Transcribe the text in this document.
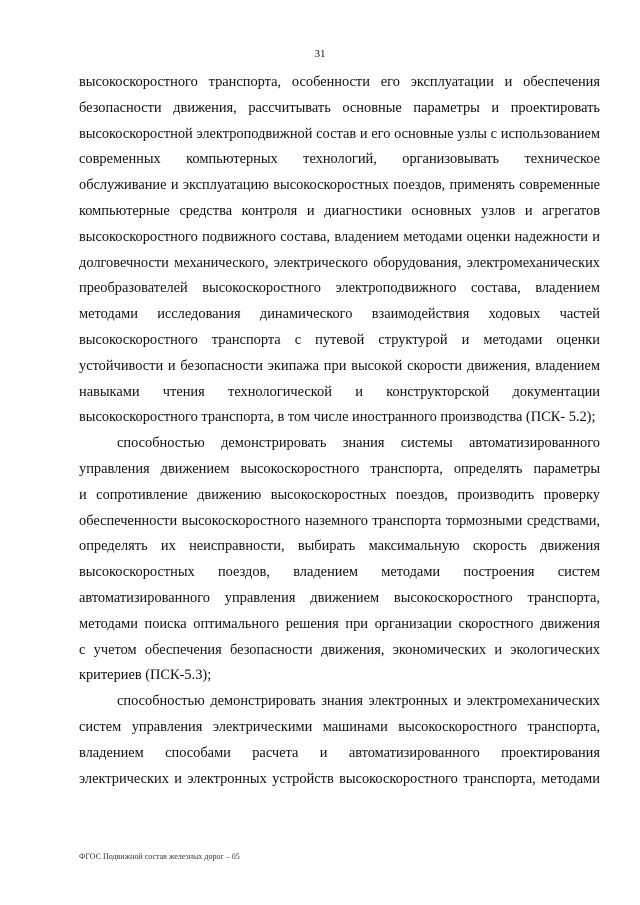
31
высокоскоростного транспорта, особенности его эксплуатации и обеспечения
безопасности движения, рассчитывать основные параметры и проектировать
высокоскоростной электроподвижной состав и его основные узлы с использованием
современных компьютерных технологий, организовывать техническое
обслуживание и эксплуатацию высокоскоростных поездов, применять современные
компьютерные средства контроля и диагностики основных узлов и агрегатов
высокоскоростного подвижного состава, владением методами оценки надежности и
долговечности механического, электрического оборудования, электромеханических
преобразователей высокоскоростного электроподвижного состава, владением
методами исследования динамического взаимодействия ходовых частей
высокоскоростного транспорта с путевой структурой и методами оценки
устойчивости и безопасности экипажа при высокой скорости движения, владением
навыками чтения технологической и конструкторской документации
высокоскоростного транспорта, в том числе иностранного производства (ПСК- 5.2);
способностью демонстрировать знания системы автоматизированного
управления движением высокоскоростного транспорта, определять параметры
и сопротивление движению высокоскоростных поездов, производить проверку
обеспеченности высокоскоростного наземного транспорта тормозными средствами,
определять их неисправности, выбирать максимальную скорость движения
высокоскоростных поездов, владением методами построения систем
автоматизированного управления движением высокоскоростного транспорта,
методами поиска оптимального решения при организации скоростного движения
с учетом обеспечения безопасности движения, экономических и экологических
критериев (ПСК-5.3);
способностью демонстрировать знания электронных и электромеханических
систем управления электрическими машинами высокоскоростного транспорта,
владением способами расчета и автоматизированного проектирования
электрических и электронных устройств высокоскоростного транспорта, методами
ФГОС Подвижной состав железных дорог – 05
